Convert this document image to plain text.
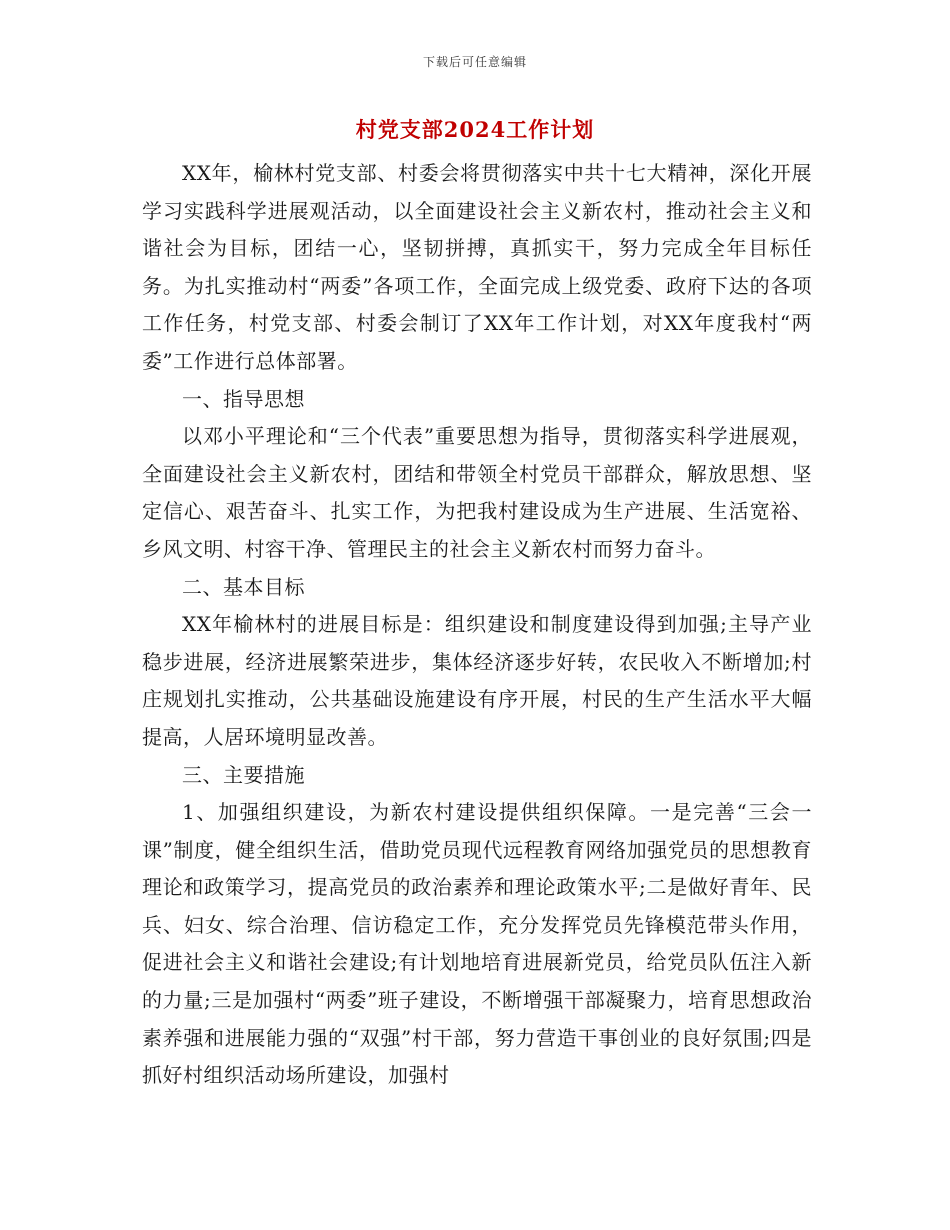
下载后可任意编辑
村党支部2024工作计划

XX年，榆林村党支部、村委会将贯彻落实中共十七大精神，深化开展学习实践科学进展观活动，以全面建设社会主义新农村，推动社会主义和谐社会为目标，团结一心，坚韧拼搏，真抓实干，努力完成全年目标任务。为扎实推动村“两委”各项工作，全面完成上级党委、政府下达的各项工作任务，村党支部、村委会制订了XX年工作计划，对XX年度我村“两委”工作进行总体部署。

一、指导思想

以邓小平理论和“三个代表”重要思想为指导，贯彻落实科学进展观，全面建设社会主义新农村，团结和带领全村党员干部群众，解放思想、坚定信心、艰苦奋斗、扎实工作，为把我村建设成为生产进展、生活宽裕、乡风文明、村容干净、管理民主的社会主义新农村而努力奋斗。

二、基本目标

XX年榆林村的进展目标是：组织建设和制度建设得到加强;主导产业稳步进展，经济进展繁荣进步，集体经济逐步好转，农民收入不断增加;村庄规划扎实推动，公共基础设施建设有序开展，村民的生产生活水平大幅提高，人居环境明显改善。

三、主要措施

1、加强组织建设，为新农村建设提供组织保障。一是完善“三会一课”制度，健全组织生活，借助党员现代远程教育网络加强党员的思想教育理论和政策学习，提高党员的政治素养和理论政策水平;二是做好青年、民兵、妇女、综合治理、信访稳定工作，充分发挥党员先锋模范带头作用，促进社会主义和谐社会建设;有计划地培育进展新党员，给党员队伍注入新的力量;三是加强村“两委”班子建设，不断增强干部凝聚力，培育思想政治素养强和进展能力强的“双强”村干部，努力营造干事创业的良好氛围;四是抓好村组织活动场所建设，加强村
